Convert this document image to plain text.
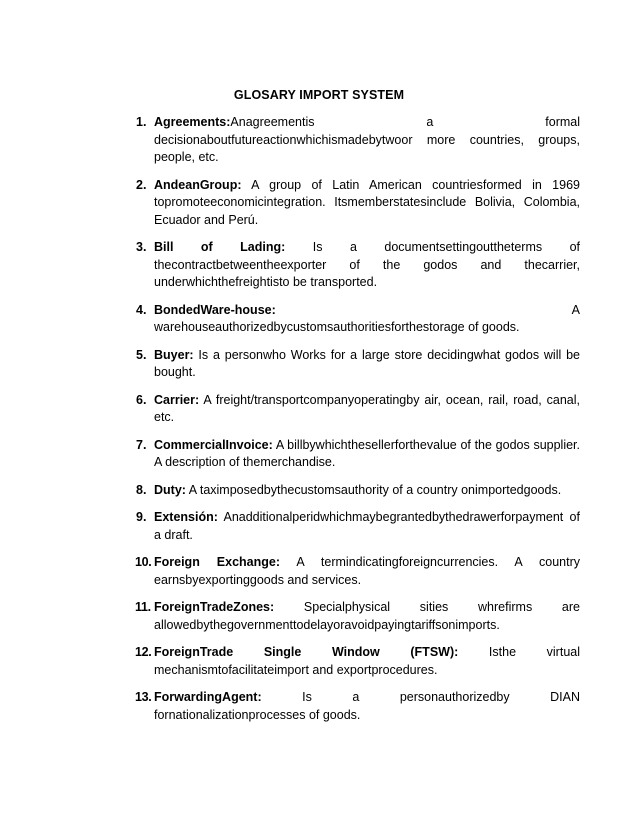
GLOSARY IMPORT SYSTEM
1. Agreements:Anagreementis a formal decisionaboutfutureactionwhichismadebytwoor more countries, groups, people, etc.
2. AndeanGroup: A group of Latin American countriesformed in 1969 topromoteeconomicintegration. Itsmemberstatesinclude Bolivia, Colombia, Ecuador and Perú.
3. Bill of Lading: Is a documentsettingouttheterms of thecontractbetweentheexporter of the godos and thecarrier, underwhichthefreightisto be transported.
4. BondedWare-house: A warehouseauthorizedbycustomsauthoritiesforthestorage of goods.
5. Buyer: Is a personwho Works for a large store decidingwhat godos will be bought.
6. Carrier: A freight/transportcompanyoperatingby air, ocean, rail, road, canal, etc.
7. CommercialInvoice: A billbywhichthesellerforthevalue of the godos supplier. A description of themerchandise.
8. Duty: A taximposedbythecustomsauthority of a country onimportedgoods.
9. Extensión: Anadditionalperidwhichmaybegrantedbythedrawerforpayment of a draft.
10. Foreign Exchange: A termindicatingforeigncurrencies. A country earnsbyexportinggoods and services.
11. ForeignTradeZones: Specialphysical sities whrefirms are allowedbythegovernmenttodelayoravoidpayingtariffsonimports.
12. ForeignTrade Single Window (FTSW): Isthe virtual mechanismtofacilitateimport and exportprocedures.
13. ForwardingAgent: Is a personauthorizedby DIAN fornationalizationprocesses of goods.
